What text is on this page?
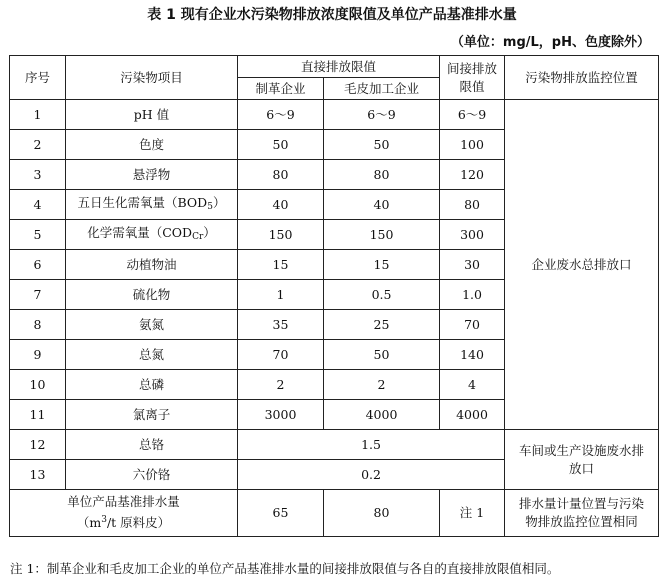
表 1 现有企业水污染物排放浓度限值及单位产品基准排水量
（单位：mg/L，pH、色度除外）
序号	污染物项目	直接排放限值		间接排放限值	污染物排放监控位置
		制革企业	毛皮加工企业		
1	pH 值	6～9	6～9	6～9	企业废水总排放口
2	色度	50	50	100	
3	悬浮物	80	80	120	
4	五日生化需氧量（BOD5）	40	40	80	
5	化学需氧量（CODCr）	150	150	300	
6	动植物油	15	15	30	
7	硫化物	1	0.5	1.0	
8	氨氮	35	25	70	
9	总氮	70	50	140	
10	总磷	2	2	4	
11	氯离子	3000	4000	4000	
12	总铬	1.5			车间或生产设施废水排放口
13	六价铬	0.2			
单位产品基准排水量
（$m^3/t$ 原料皮）		65	80	注 1	排水量计量位置与污染物排放监控位置相同
注 1：制革企业和毛皮加工企业的单位产品基准排水量的间接排放限值与各自的直接排放限值相同。
